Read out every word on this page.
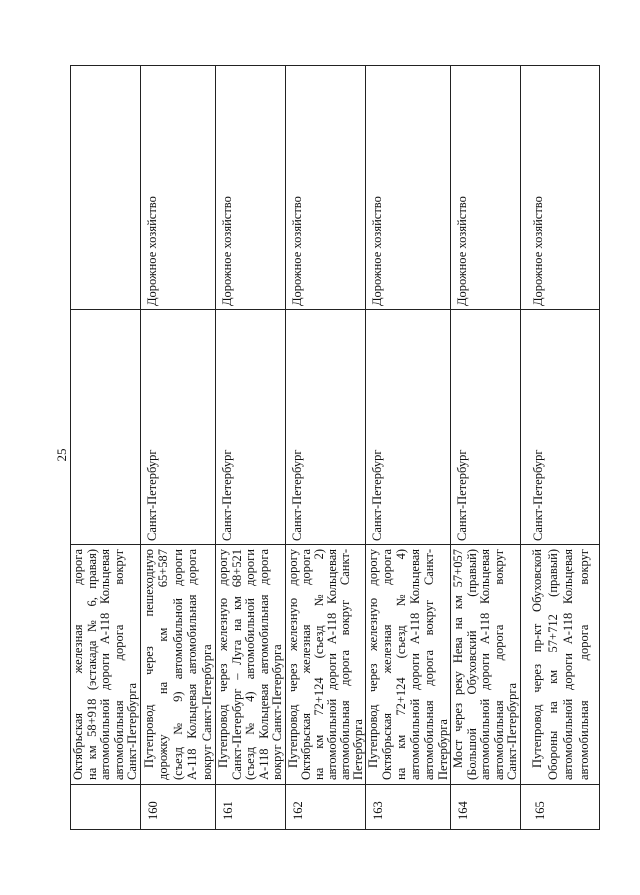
25
Октябрьская железная дорога на км 58+918 (эстакада № 6, правая) автомобильной дороги А-118 Кольцевая автомобильная дорога вокруг Санкт-Петербурга
160
Путепровод через пешеходную дорожку на км 65+587 (съезд № 9) автомобильной дороги А-118 Кольцевая автомобильная дорога вокруг Санкт-Петербурга
Санкт-Петербург
Дорожное хозяйство
161
Путепровод через железную дорогу Санкт-Петербург – Луга на км 68+521 (съезд № 4) автомобильной дороги А-118 Кольцевая автомобильная дорога вокруг Санкт-Петербурга
Санкт-Петербург
Дорожное хозяйство
162
Путепровод через железную дорогу Октябрьская железная дорога на км 72+124 (съезд № 2) автомобильной дороги А-118 Кольцевая автомобильная дорога вокруг Санкт- Петербурга
Санкт-Петербург
Дорожное хозяйство
163
Путепровод через железную дорогу Октябрьская железная дорога на км 72+124 (съезд № 4) автомобильной дороги А-118 Кольцевая автомобильная дорога вокруг Санкт- Петербурга
Санкт-Петербург
Дорожное хозяйство
164
Мост через реку Нева на км 57+057 (Большой Обуховский (правый) автомобильной дороги А-118 Кольцевая автомобильная дорога вокруг Санкт-Петербурга
Санкт-Петербург
Дорожное хозяйство
165
Путепровод через пр-кт Обуховской Обороны на км 57+712 (правый) автомобильной дороги А-118 Кольцевая автомобильная дорога вокруг
Санкт-Петербург
Дорожное хозяйство
